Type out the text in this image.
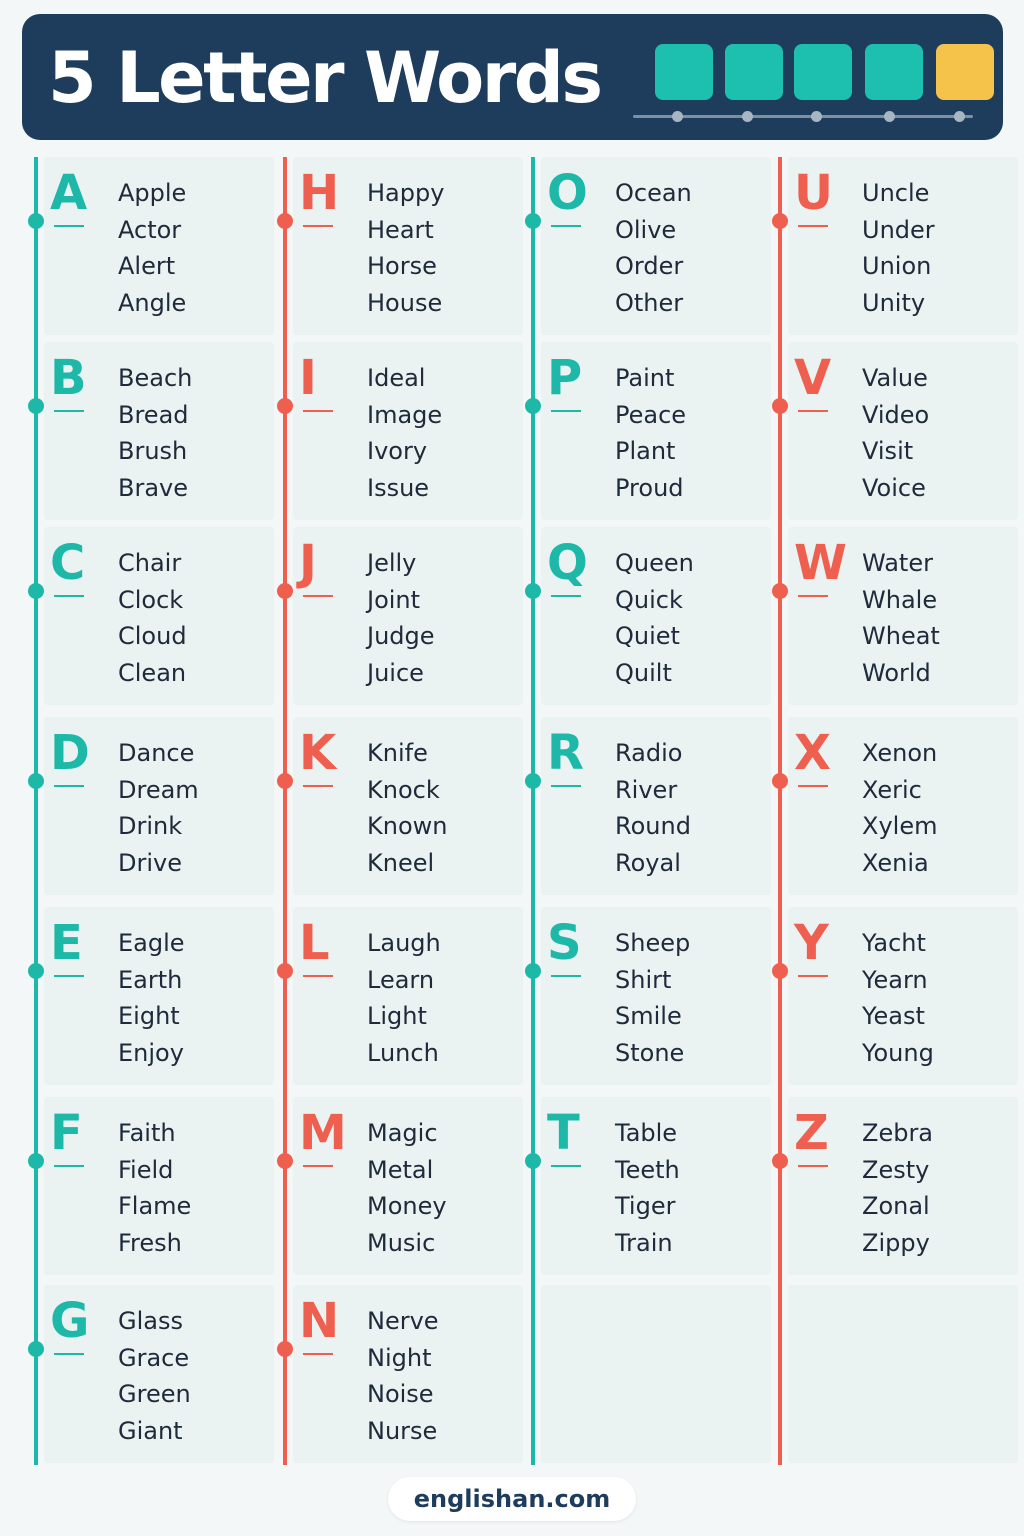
5 Letter Words
A	Apple
Actor
Alert
Angle
B	Beach
Bread
Brush
Brave
C	Chair
Clock
Cloud
Clean
D Dance
Dream
Drink
Drive
E	Eagle
Earth
Eight
Enjoy
F	Faith
Field
Flame
Fresh
G Glass
Grace
Green
Giant
H Happy
Heart
Horse
House
I	Ideal
Image
Ivory
Issue
J	Jelly
Joint
Judge
Juice
K	Knife
Knock
Known
Kneel
L	Laugh
Learn
Light
Lunch
M Magic
Metal
Money
Music
N Nerve
Night
Noise
Nurse
O Ocean
Olive
Order
Other
P	Paint
Peace
Plant
Proud
Q Queen
Quick
Quiet
Quilt
R	Radio
River
Round
Royal
S	Sheep
Shirt
Smile
Stone
T	Table
Teeth
Tiger
Train
U Uncle
Under
Union
Unity
V	Value
Video
Visit
Voice
W Water
Whale
Wheat
World
X	Xenon
Xeric
Xylem
Xenia
Y	Yacht
Yearn
Yeast
Young
Z	Zebra
Zesty
Zonal
Zippy
englishan.com
